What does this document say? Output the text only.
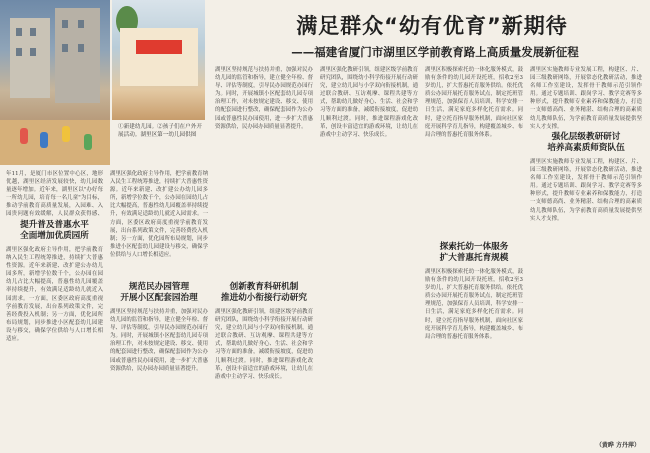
①新建幼儿园。②孩子们在户外开展活动。湖里区第一幼儿园供图
满足群众“幼有优育”新期待
——福建省厦门市湖里区学前教育路上高质量发展新征程
年11月，是厦门市区位置中心区，地形优越，湖里区经济发展较快，幼儿园数量逐年增加。近年来，湖里区以"办好每一所幼儿园，培育每一名儿童"为目标，推动学前教育高质量发展，入园难、入园贵问题有效缓解，人民群众获得感、
提升普及普惠水平
全面增加优质园所
湖里区强化政府主导作用，把学前教育纳入民生工程统筹推进，持续扩大普惠性资源。近年来新建、改扩建公办幼儿园多所，新增学位数千个，公办园在园幼儿占比大幅提高，普惠性幼儿园覆盖率持续提升，有效满足适龄幼儿就近入园需求。一方面，区委区政府高度重视学前教育发展，出台系列政策文件，完善经费投入机制；另一方面，优化园所布局规划，同步推进小区配套幼儿园建设与移交，确保学位供给与人口增长相适应。
湖里区强化政府主导作用，把学前教育纳入民生工程统筹推进，持续扩大普惠性资源。近年来新建、改扩建公办幼儿园多所，新增学位数千个，公办园在园幼儿占比大幅提高，普惠性幼儿园覆盖率持续提升，有效满足适龄幼儿就近入园需求。一方面，区委区政府高度重视学前教育发展，出台系列政策文件，完善经费投入机制；另一方面，优化园所布局规划，同步推进小区配套幼儿园建设与移交，确保学位供给与人口增长相适应。
规范民办园管理
开展小区配套园治理
湖里区坚持规范与扶持并重，加强对民办幼儿园的监管和指导，建立健全年检、督导、评估等制度，引导民办园规范办园行为。同时，开展城镇小区配套幼儿园专项治理工作，对未按规定建设、移交、使用的配套园进行整改，确保配套园作为公办园或普惠性民办园使用，进一步扩大普惠资源供给，民办园办园质量显著提升。
湖里区坚持规范与扶持并重，加强对民办幼儿园的监管和指导，建立健全年检、督导、评估等制度，引导民办园规范办园行为。同时，开展城镇小区配套幼儿园专项治理工作，对未按规定建设、移交、使用的配套园进行整改，确保配套园作为公办园或普惠性民办园使用，进一步扩大普惠资源供给，民办园办园质量显著提升。
创新教育科研机制
推进幼小衔接行动研究
湖里区强化教研引领，组建区级学前教育研究团队，围绕幼小科学衔接开展行动研究，建立幼儿园与小学双向衔接机制，通过联合教研、互访观摩、课程共建等方式，帮助幼儿做好身心、生活、社会和学习等方面的准备，减缓衔接坡度，促进幼儿顺利过渡。同时，推进课程游戏化改革，创设丰富适宜的游戏环境，让幼儿在游戏中主动学习、快乐成长。
湖里区强化教研引领，组建区级学前教育研究团队，围绕幼小科学衔接开展行动研究，建立幼儿园与小学双向衔接机制，通过联合教研、互访观摩、课程共建等方式，帮助幼儿做好身心、生活、社会和学习等方面的准备，减缓衔接坡度，促进幼儿顺利过渡。同时，推进课程游戏化改革，创设丰富适宜的游戏环境，让幼儿在游戏中主动学习、快乐成长。
湖里区积极探索托幼一体化服务模式，鼓励有条件的幼儿园开设托班，招收2至3岁幼儿，扩大普惠托育服务供给。依托优质公办园开展托育服务试点，制定托班管理规范，加强保育人员培训，科学安排一日生活，满足家庭多样化托育需求。同时，建立托育指导服务机制，面向社区家庭开展科学育儿指导，构建覆盖城乡、布局合理的普惠托育服务体系。
探索托幼一体服务
扩大普惠托育规模
湖里区积极探索托幼一体化服务模式，鼓励有条件的幼儿园开设托班，招收2至3岁幼儿，扩大普惠托育服务供给。依托优质公办园开展托育服务试点，制定托班管理规范，加强保育人员培训，科学安排一日生活，满足家庭多样化托育需求。同时，建立托育指导服务机制，面向社区家庭开展科学育儿指导，构建覆盖城乡、布局合理的普惠托育服务体系。
湖里区实施教师专业发展工程，构建区、片、园三级教研网络，开展常态化教研活动，推进名师工作室建设，发挥骨干教师示范引领作用。通过专题培训、跟岗学习、教学竞赛等多种形式，提升教师专业素养和保教能力，打造一支师德高尚、业务精湛、结构合理的高素质幼儿教师队伍，为学前教育高质量发展提供坚实人才支撑。
强化层级教研研讨
培养高素质师资队伍
湖里区实施教师专业发展工程，构建区、片、园三级教研网络，开展常态化教研活动，推进名师工作室建设，发挥骨干教师示范引领作用。通过专题培训、跟岗学习、教学竞赛等多种形式，提升教师专业素养和保教能力，打造一支师德高尚、业务精湛、结构合理的高素质幼儿教师队伍，为学前教育高质量发展提供坚实人才支撑。
（黄晔 方丹萍）
